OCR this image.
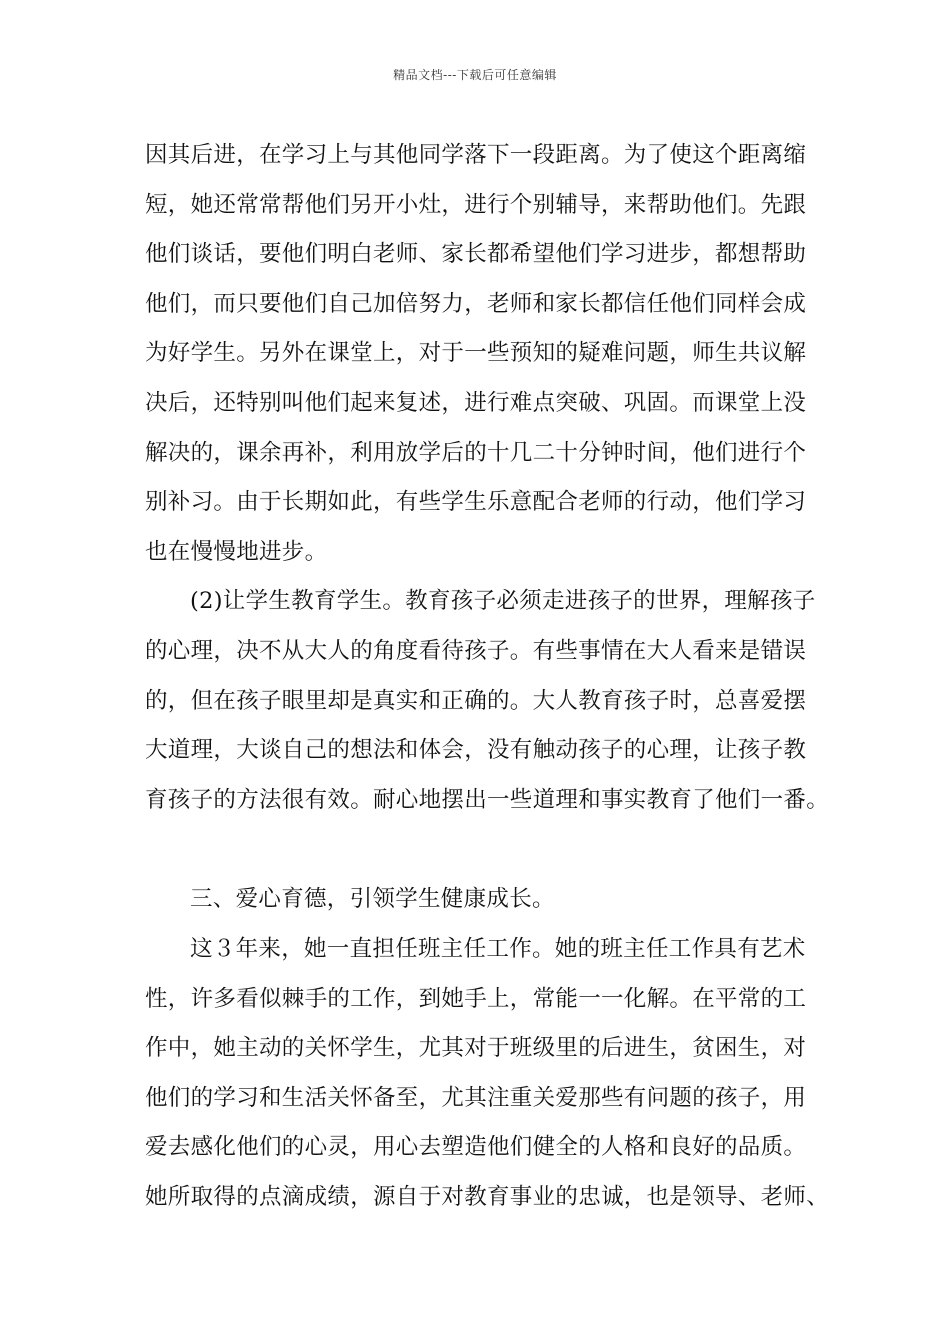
精品文档---下载后可任意编辑
因其后进，在学习上与其他同学落下一段距离。为了使这个距离缩
短，她还常常帮他们另开小灶，进行个别辅导，来帮助他们。先跟
他们谈话，要他们明白老师、家长都希望他们学习进步，都想帮助
他们，而只要他们自己加倍努力，老师和家长都信任他们同样会成
为好学生。另外在课堂上，对于一些预知的疑难问题，师生共议解
决后，还特别叫他们起来复述，进行难点突破、巩固。而课堂上没
解决的，课余再补，利用放学后的十几二十分钟时间，他们进行个
别补习。由于长期如此，有些学生乐意配合老师的行动，他们学习
也在慢慢地进步。
(2)让学生教育学生。教育孩子必须走进孩子的世界，理解孩子
的心理，决不从大人的角度看待孩子。有些事情在大人看来是错误
的，但在孩子眼里却是真实和正确的。大人教育孩子时，总喜爱摆
大道理，大谈自己的想法和体会，没有触动孩子的心理，让孩子教
育孩子的方法很有效。耐心地摆出一些道理和事实教育了他们一番。
三、爱心育德，引领学生健康成长。
这３年来，她一直担任班主任工作。她的班主任工作具有艺术
性，许多看似棘手的工作，到她手上，常能一一化解。在平常的工
作中，她主动的关怀学生，尤其对于班级里的后进生，贫困生，对
他们的学习和生活关怀备至，尤其注重关爱那些有问题的孩子，用
爱去感化他们的心灵，用心去塑造他们健全的人格和良好的品质。
她所取得的点滴成绩，源自于对教育事业的忠诚，也是领导、老师、
